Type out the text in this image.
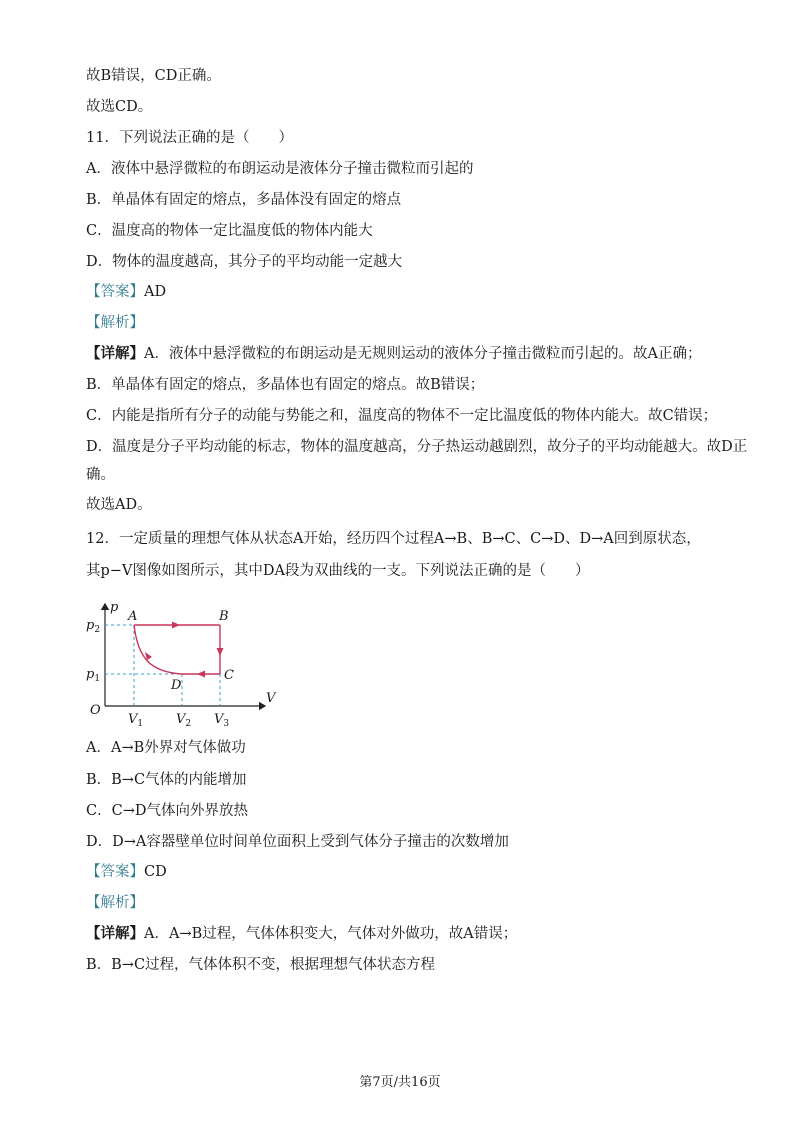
故B错误，CD正确。
故选CD。
11．下列说法正确的是（　　）
A．液体中悬浮微粒的布朗运动是液体分子撞击微粒而引起的
B．单晶体有固定的熔点，多晶体没有固定的熔点
C．温度高的物体一定比温度低的物体内能大
D．物体的温度越高，其分子的平均动能一定越大
【答案】AD
【解析】
【详解】A．液体中悬浮微粒的布朗运动是无规则运动的液体分子撞击微粒而引起的。故A正确；
B．单晶体有固定的熔点，多晶体也有固定的熔点。故B错误；
C．内能是指所有分子的动能与势能之和，温度高的物体不一定比温度低的物体内能大。故C错误；
D．温度是分子平均动能的标志，物体的温度越高，分子热运动越剧烈，故分子的平均动能越大。故D正
确。
故选AD。
12．一定质量的理想气体从状态A开始，经历四个过程A→B、B→C、C→D、D→A回到原状态，
其p−V图像如图所示，其中DA段为双曲线的一支。下列说法正确的是（　　）
p
V
O
A	B
C
D
$p_2$
$p_1$
$V_1$	$V_2$ $V_3$
A．A→B外界对气体做功
B．B→C气体的内能增加
C．C→D气体向外界放热
D．D→A容器壁单位时间单位面积上受到气体分子撞击的次数增加
【答案】CD
【解析】
【详解】A．A→B过程，气体体积变大，气体对外做功，故A错误；
B．B→C过程，气体体积不变，根据理想气体状态方程
第7页/共16页
